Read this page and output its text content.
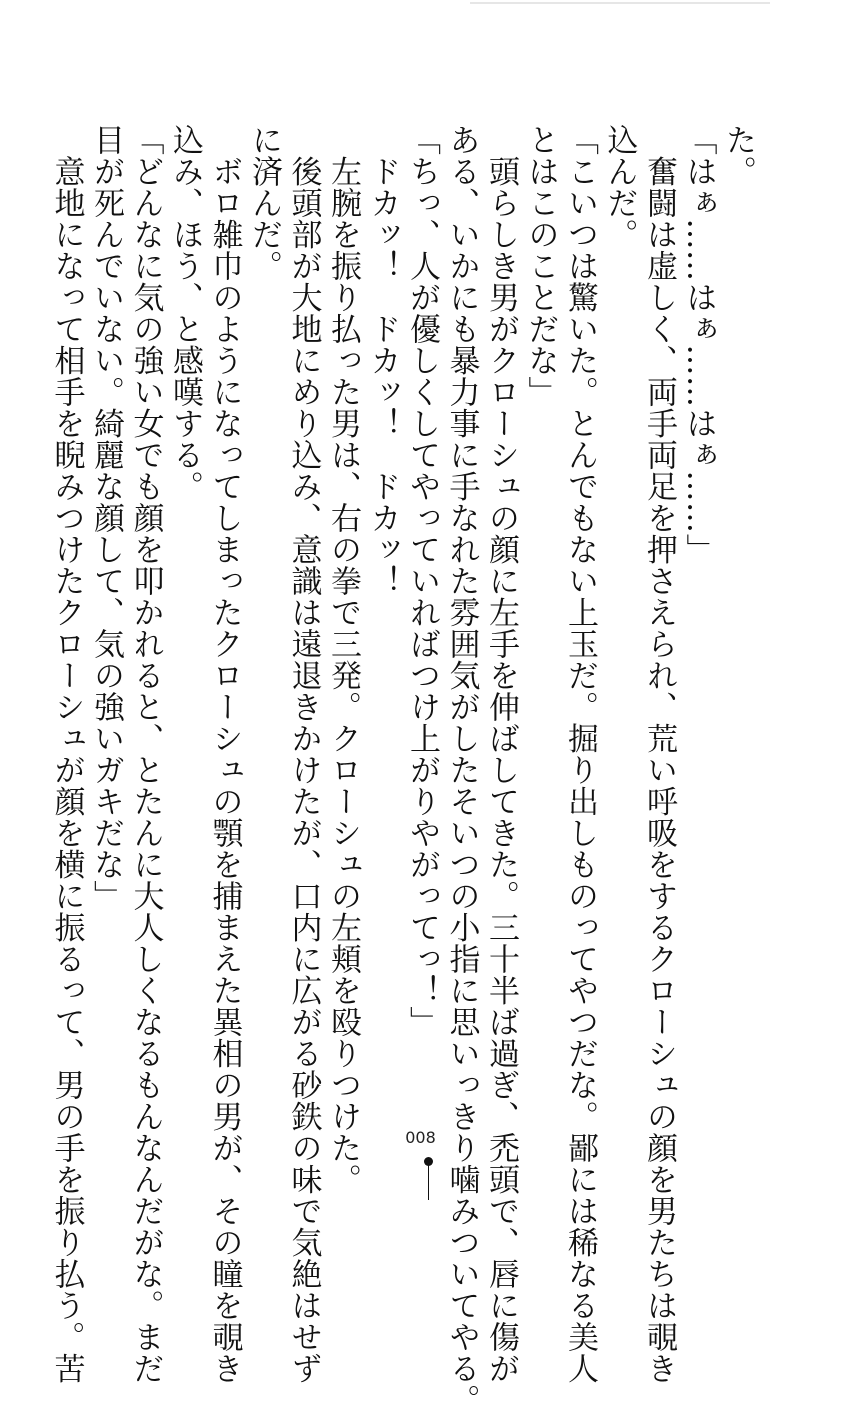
た。
「はぁ……はぁ……はぁ……」
　奮闘は虚しく、両手両足を押さえられ、荒い呼吸をするクローシュの顔を男たちは覗き
込んだ。
「こいつは驚いた。とんでもない上玉だ。掘り出しものってやつだな。鄙には稀なる美人
とはこのことだな」
　頭らしき男がクローシュの顔に左手を伸ばしてきた。三十半ば過ぎ、禿頭で、唇に傷が
ある、いかにも暴力事に手なれた雰囲気がしたそいつの小指に思いっきり噛みついてやる。
「ちっ、人が優しくしてやっていればつけ上がりやがってっ！」
　ドカッ！　ドカッ！　ドカッ！
　左腕を振り払った男は、右の拳で三発。クローシュの左頬を殴りつけた。
　後頭部が大地にめり込み、意識は遠退きかけたが、口内に広がる砂鉄の味で気絶はせず
に済んだ。
　ボロ雑巾のようになってしまったクローシュの顎を捕まえた異相の男が、その瞳を覗き
込み、ほう、と感嘆する。
「どんなに気の強い女でも顔を叩かれると、とたんに大人しくなるもんなんだがな。まだ
目が死んでいない。綺麗な顔して、気の強いガキだな」
　意地になって相手を睨みつけたクローシュが顔を横に振るって、男の手を振り払う。苦	008
